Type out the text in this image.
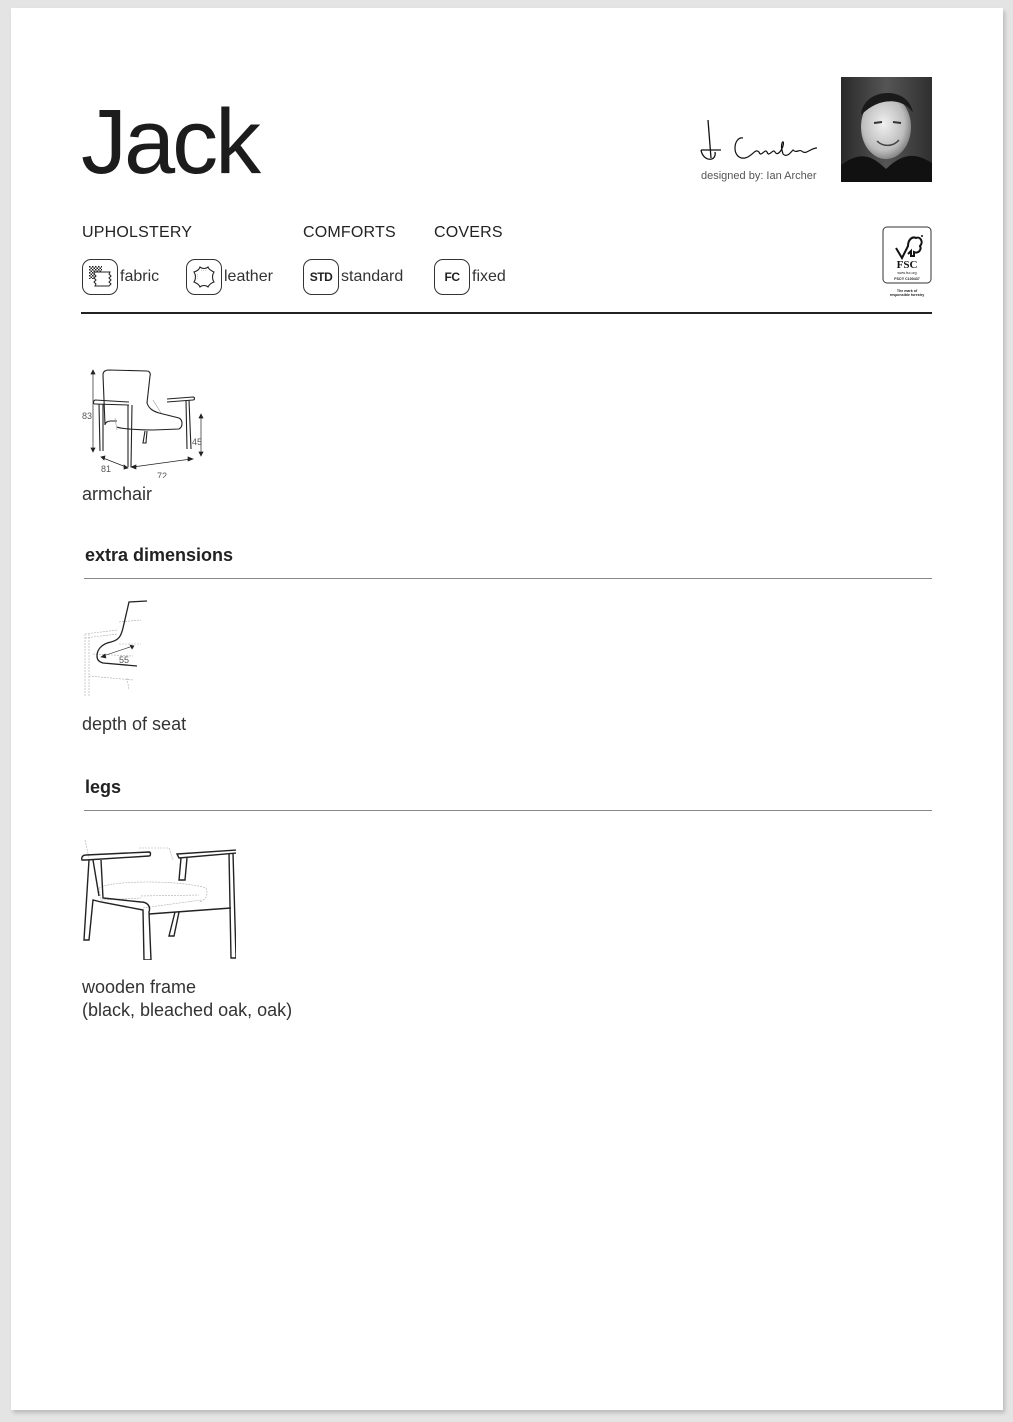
Jack	designed by: Ian Archer
UPHOLSTERY
fabric	leather
COMFORTS
STD standard
COVERS
FC fixed
FSC
www.fsc.org
FSC® C100437
The mark of
responsible forestry
83
81
72
45
armchair
extra dimensions
55
depth of seat
legs
wooden frame
(black, bleached oak, oak)
